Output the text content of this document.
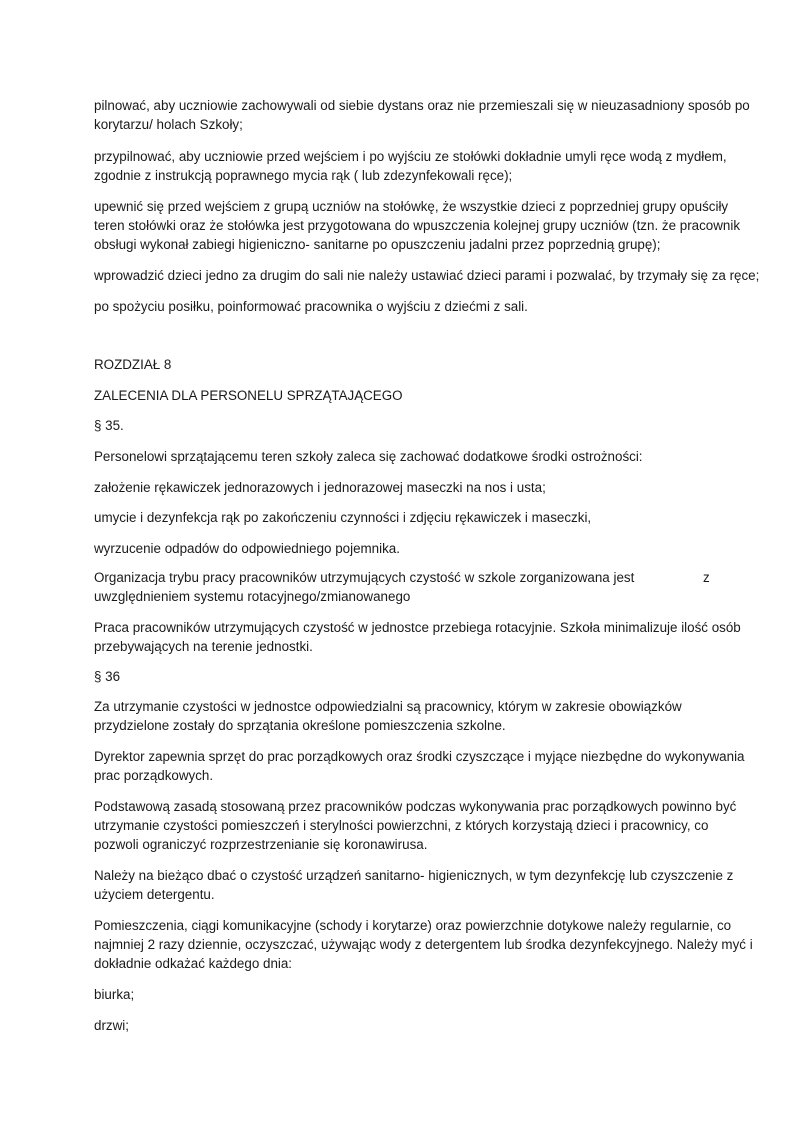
pilnować, aby uczniowie zachowywali od siebie dystans oraz nie przemieszali się w nieuzasadniony sposób po
korytarzu/ holach Szkoły;
przypilnować, aby uczniowie przed wejściem i po wyjściu ze stołówki dokładnie umyli ręce wodą z mydłem,
zgodnie z instrukcją poprawnego mycia rąk ( lub zdezynfekowali ręce);
upewnić się przed wejściem z grupą uczniów na stołówkę, że wszystkie dzieci z poprzedniej grupy opuściły
teren stołówki oraz że stołówka jest przygotowana do wpuszczenia kolejnej grupy uczniów (tzn. że pracownik
obsługi wykonał zabiegi higieniczno- sanitarne po opuszczeniu jadalni przez poprzednią grupę);
wprowadzić dzieci jedno za drugim do sali nie należy ustawiać dzieci parami i pozwalać, by trzymały się za ręce;
po spożyciu posiłku, poinformować pracownika o wyjściu z dziećmi z sali.
ROZDZIAŁ 8
ZALECENIA DLA PERSONELU SPRZĄTAJĄCEGO
§ 35.
Personelowi sprzątającemu teren szkoły zaleca się zachować dodatkowe środki ostrożności:
założenie rękawiczek jednorazowych i jednorazowej maseczki na nos i usta;
umycie i dezynfekcja rąk po zakończeniu czynności i zdjęciu rękawiczek i maseczki,
wyrzucenie odpadów do odpowiedniego pojemnika.
Organizacja trybu pracy pracowników utrzymujących czystość w szkole zorganizowana jest	z
uwzględnieniem systemu rotacyjnego/zmianowanego
Praca pracowników utrzymujących czystość w jednostce przebiega rotacyjnie. Szkoła minimalizuje ilość osób
przebywających na terenie jednostki.
§ 36
Za utrzymanie czystości w jednostce odpowiedzialni są pracownicy, którym w zakresie obowiązków
przydzielone zostały do sprzątania określone pomieszczenia szkolne.
Dyrektor zapewnia sprzęt do prac porządkowych oraz środki czyszczące i myjące niezbędne do wykonywania
prac porządkowych.
Podstawową zasadą stosowaną przez pracowników podczas wykonywania prac porządkowych powinno być
utrzymanie czystości pomieszczeń i sterylności powierzchni, z których korzystają dzieci i pracownicy, co
pozwoli ograniczyć rozprzestrzenianie się koronawirusa.
Należy na bieżąco dbać o czystość urządzeń sanitarno- higienicznych, w tym dezynfekcję lub czyszczenie z
użyciem detergentu.
Pomieszczenia, ciągi komunikacyjne (schody i korytarze) oraz powierzchnie dotykowe należy regularnie, co
najmniej 2 razy dziennie, oczyszczać, używając wody z detergentem lub środka dezynfekcyjnego. Należy myć i
dokładnie odkażać każdego dnia:
biurka;
drzwi;
